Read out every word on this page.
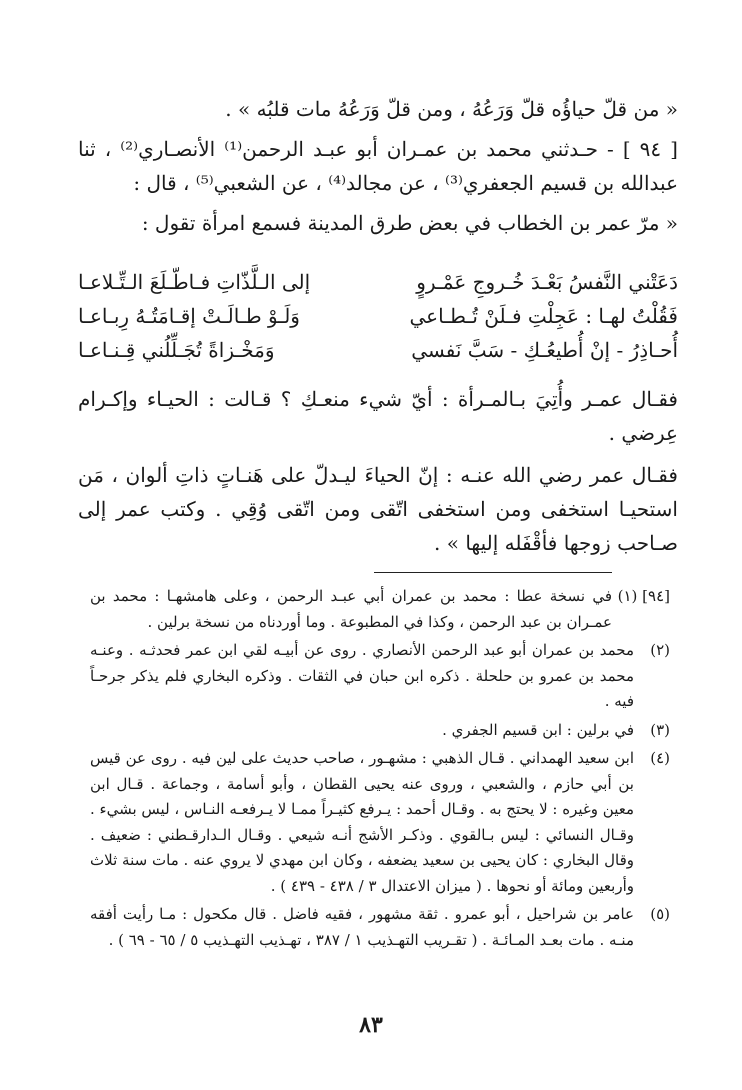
« من قلّ حياؤُه قلّ وَرَعُهُ ، ومن قلّ وَرَعُهُ مات قلبُه » .

[ ٩٤ ] - حـدثني محمد بن عمـران أبو عبـد الرحمن⁽¹⁾ الأنصـاري⁽²⁾ ، ثنا عبدالله بن قسيم الجعفري⁽³⁾ ، عن مجالد⁽⁴⁾ ، عن الشعبي⁽⁵⁾ ، قال :

« مرّ عمر بن الخطاب في بعض طرق المدينة فسمع امرأة تقول :

دَعَتْني النَّفسُ بَعْـدَ خُـروجِ عَمْـروٍ
إلى الـلَّذّاتِ فـاطّـلَعَ الـتِّـلاعـا
فَقُلْتُ لهـا : عَجِلْتِ فـلَنْ تُـطـاعي
وَلَـوْ طـالَـتْ إقـامَتُـهُ رِبـاعـا
أُحـاذِرُ - إنْ أُطيعُـكِ - سَبَّ نَفسي
وَمَخْـزاةً تُجَـلِّلُني قِـنـاعـا

فقـال عمـر وأُتِيَ بـالمـرأة : أيّ شيء منعـكِ ؟ قـالت : الحيـاء وإكـرام عِرضي .

فقـال عمر رضي الله عنـه : إنّ الحياءَ ليـدلّ على هَنـاتٍ ذاتِ ألوان ، مَن استحيـا استخفى ومن استخفى اتّقى ومن اتّقى وُقِي . وكتب عمر إلى صـاحب زوجها فأقْفَله إليها » .

[٩٤] (١)
في نسخة عطا : محمد بن عمران أبي عبـد الرحمن ، وعلى هامشهـا : محمد بن عمـران بن عبد الرحمن ، وكذا في المطبوعة . وما أوردناه من نسخة برلين .
(٢)
محمد بن عمران أبو عبد الرحمن الأنصاري . روى عن أبيـه لقي ابن عمر فحدثـه . وعنـه محمد بن عمرو بن حلحلة . ذكره ابن حبان في الثقات . وذكره البخاري فلم يذكر جرحـاً فيه .
(٣)
في برلين : ابن قسيم الجفري .
(٤)
ابن سعيد الهمداني . قـال الذهبي : مشهـور ، صاحب حديث على لين فيه . روى عن قيس بن أبي حازم ، والشعبي ، وروى عنه يحيى القطان ، وأبو أسامة ، وجماعة . قـال ابن معين وغيره : لا يحتج به . وقـال أحمد : يـرفع كثيـراً ممـا لا يـرفعـه النـاس ، ليس بشيء . وقـال النسائي : ليس بـالقوي . وذكـر الأشج أنـه شيعي . وقـال الـدارقـطني : ضعيف . وقال البخاري : كان يحيى بن سعيد يضعفه ، وكان ابن مهدي لا يروي عنه . مات سنة ثلاث وأربعين ومائة أو نحوها . ( ميزان الاعتدال ٣ / ٤٣٨ - ٤٣٩ ) .
(٥)
عامر بن شراحيل ، أبو عمرو . ثقة مشهور ، فقيه فاضل . قال مكحول : مـا رأيت أفقه منـه . مات بعـد المـائـة . ( تقـريب التهـذيب ١ / ٣٨٧ ، تهـذيب التهـذيب ٥ / ٦٥ - ٦٩ ) .
٨٣
